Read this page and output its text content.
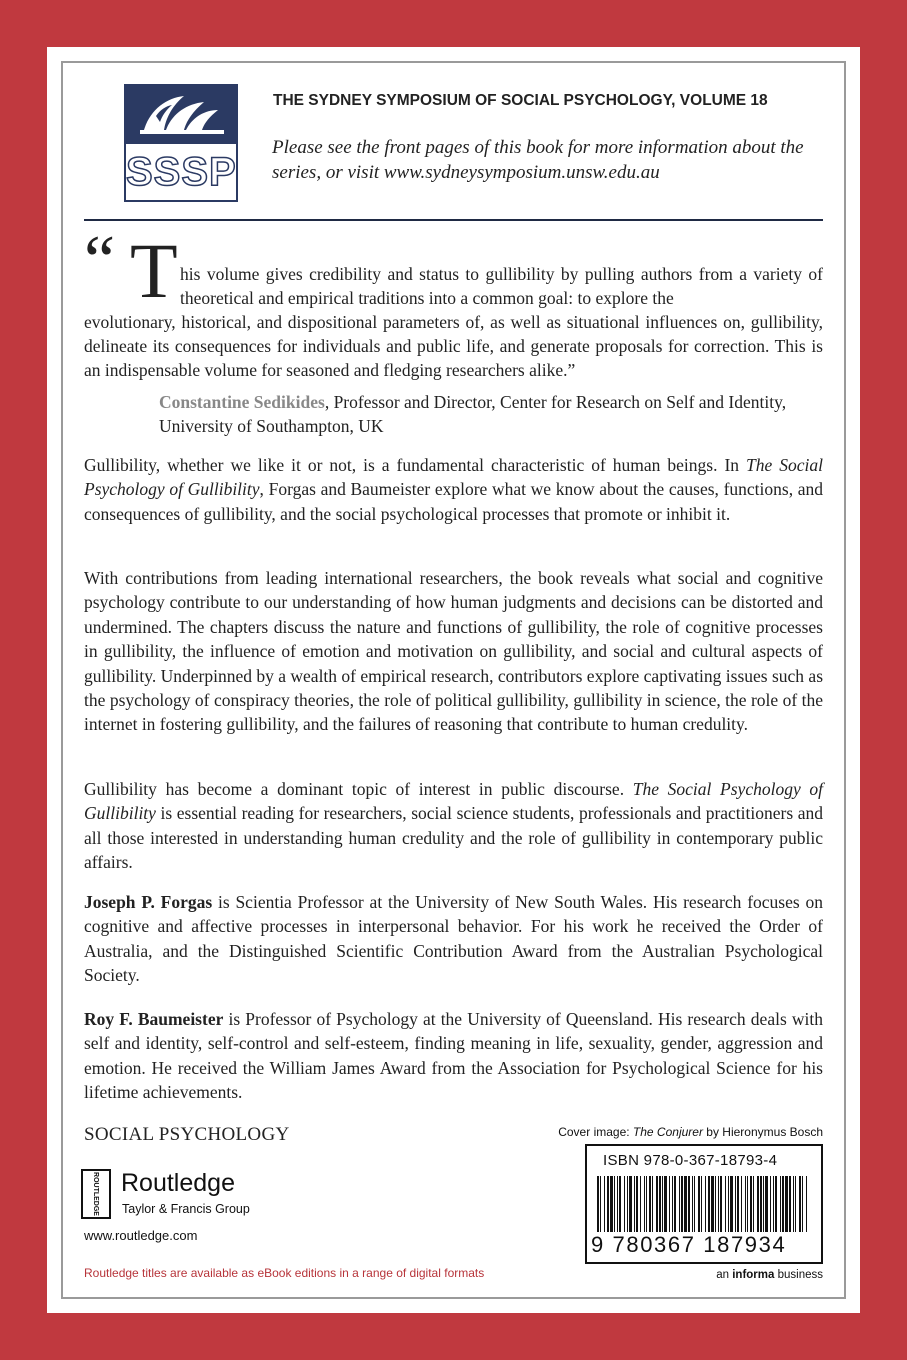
SSSP
THE SYDNEY SYMPOSIUM OF SOCIAL PSYCHOLOGY, VOLUME 18
Please see the front pages of this book for more information about the series, or visit www.sydneysymposium.unsw.edu.au
“ T his volume gives credibility and status to gullibility by pulling authors from a variety of theoretical and empirical traditions into a common goal: to explore the
evolutionary, historical, and dispositional parameters of, as well as situational influences on, gullibility, delineate its consequences for individuals and public life, and generate proposals for correction. This is an indispensable volume for seasoned and fledging researchers alike.”
Constantine Sedikides, Professor and Director, Center for Research on Self and Identity, University of Southampton, UK
Gullibility, whether we like it or not, is a fundamental characteristic of human beings. In The Social Psychology of Gullibility, Forgas and Baumeister explore what we know about the causes, functions, and consequences of gullibility, and the social psychological processes that promote or inhibit it.
With contributions from leading international researchers, the book reveals what social and cognitive psychology contribute to our understanding of how human judgments and decisions can be distorted and undermined. The chapters discuss the nature and functions of gullibility, the role of cognitive processes in gullibility, the influence of emotion and motivation on gullibility, and social and cultural aspects of gullibility. Underpinned by a wealth of empirical research, contributors explore captivating issues such as the psychology of conspiracy theories, the role of political gullibility, gullibility in science, the role of the internet in fostering gullibility, and the failures of reasoning that contribute to human credulity.
Gullibility has become a dominant topic of interest in public discourse. The Social Psychology of Gullibility is essential reading for researchers, social science students, professionals and practitioners and all those interested in understanding human credulity and the role of gullibility in contemporary public affairs.
Joseph P. Forgas is Scientia Professor at the University of New South Wales. His research focuses on cognitive and affective processes in interpersonal behavior. For his work he received the Order of Australia, and the Distinguished Scientific Contribution Award from the Australian Psychological Society.
Roy F. Baumeister is Professor of Psychology at the University of Queensland. His research deals with self and identity, self-control and self-esteem, finding meaning in life, sexuality, gender, aggression and emotion. He received the William James Award from the Association for Psychological Science for his lifetime achievements.
SOCIAL PSYCHOLOGY
ROUTLEDGE Routledge
Taylor & Francis Group
www.routledge.com
Routledge titles are available as eBook editions in a range of digital formats
Cover image: The Conjurer by Hieronymus Bosch
ISBN 978-0-367-18793-4
9 780367 187934
an informa business
